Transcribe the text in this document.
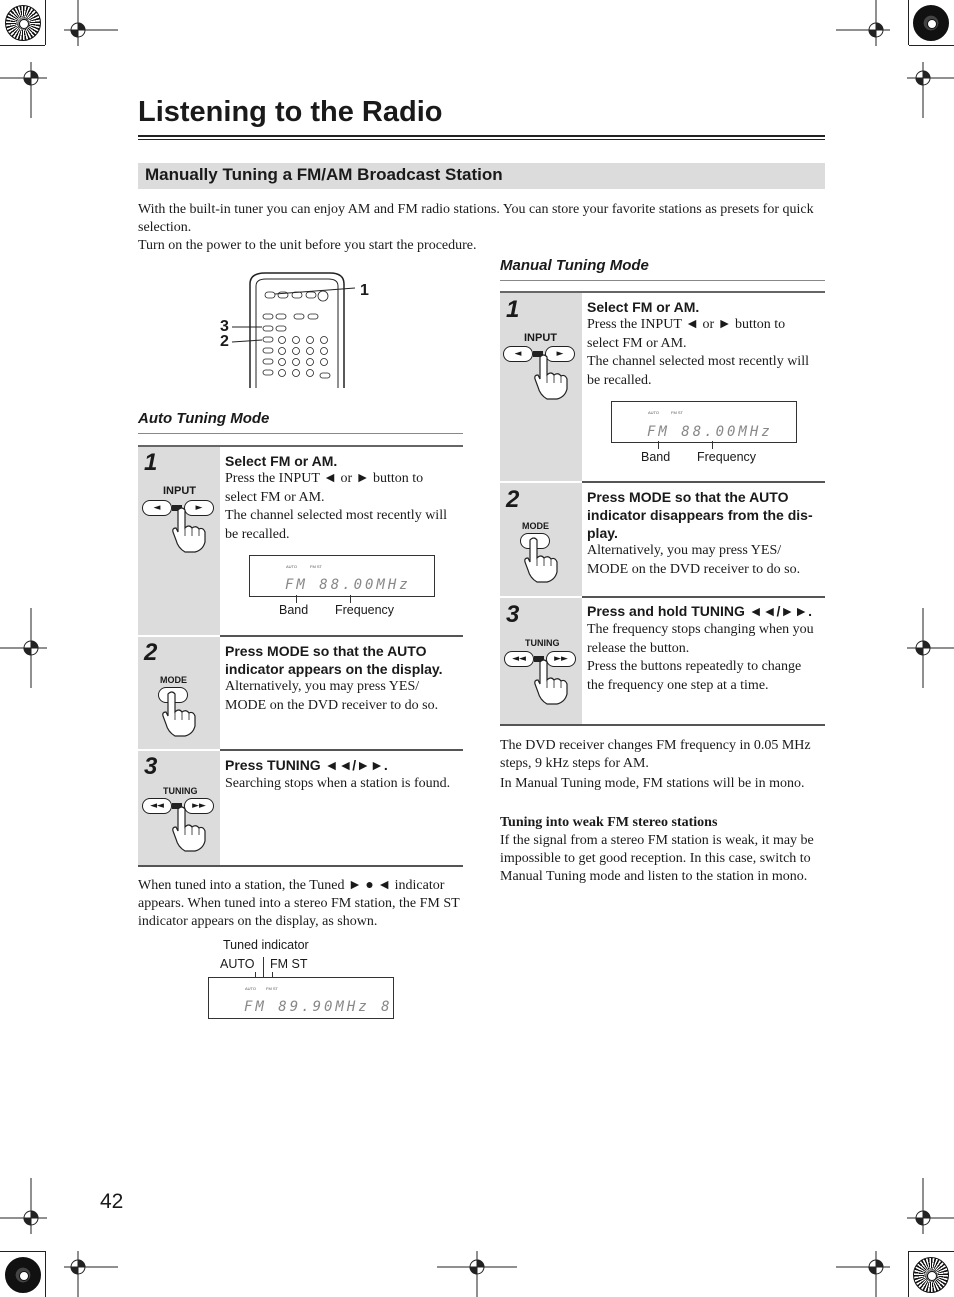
Listening to the Radio
Manually Tuning a FM/AM Broadcast Station
With the built-in tuner you can enjoy AM and FM radio stations. You can store your favorite stations as presets for quick
selection.
Turn on the power to the unit before you start the procedure.
1
3
2
Auto Tuning Mode
1
INPUT
◄	►
Select FM or AM.
Press the INPUT ◄ or ► button to
select FM or AM.
The channel selected most recently will
be recalled.
AUTO	FM ST
FM 88.00MHz
Band Frequency
2
MODE
Press MODE so that the AUTO
indicator appears on the display.
Alternatively, you may press YES/
MODE on the DVD receiver to do so.
3
TUNING
◄◄	►►
Press TUNING ◄◄/►►.
Searching stops when a station is found.
When tuned into a station, the Tuned ► ● ◄ indicator
appears. When tuned into a stereo FM station, the FM ST
indicator appears on the display, as shown.
Tuned indicator
AUTO FM ST
AUTO FM ST
FM 89.90MHz 8
Manual Tuning Mode
1
INPUT
◄	►
Select FM or AM.
Press the INPUT ◄ or ► button to
select FM or AM.
The channel selected most recently will
be recalled.
AUTO	FM ST
FM 88.00MHz
Band Frequency
2
MODE
Press MODE so that the AUTO
indicator disappears from the dis-
play.
Alternatively, you may press YES/
MODE on the DVD receiver to do so.
3
TUNING
◄◄	►►
Press and hold TUNING ◄◄/►►.
The frequency stops changing when you
release the button.
Press the buttons repeatedly to change
the frequency one step at a time.
The DVD receiver changes FM frequency in 0.05 MHz
steps, 9 kHz steps for AM.
In Manual Tuning mode, FM stations will be in mono.
Tuning into weak FM stereo stations
If the signal from a stereo FM station is weak, it may be
impossible to get good reception. In this case, switch to
Manual Tuning mode and listen to the station in mono.
42
